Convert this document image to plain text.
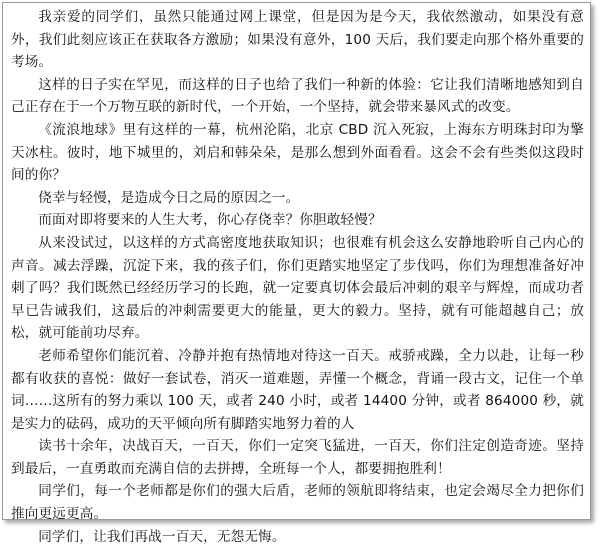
我亲爱的同学们，虽然只能通过网上课堂，但是因为是今天，我依然激动，如果没有意外，我们此刻应该正在获取各方激励；如果没有意外，100 天后，我们要走向那个格外重要的考场。

这样的日子实在罕见，而这样的日子也给了我们一种新的体验：它让我们清晰地感知到自己正存在于一个万物互联的新时代，一个开始，一个坚持，就会带来暴风式的改变。

《流浪地球》里有这样的一幕，杭州沦陷，北京 CBD 沉入死寂，上海东方明珠封印为擎天冰柱。彼时，地下城里的，刘启和韩朵朵，是那么想到外面看看。这会不会有些类似这段时间的你？

侥幸与轻慢，是造成今日之局的原因之一。

而面对即将要来的人生大考，你心存侥幸？你胆敢轻慢？

从来没试过，以这样的方式高密度地获取知识；也很难有机会这么安静地聆听自己内心的声音。减去浮躁，沉淀下来，我的孩子们，你们更踏实地坚定了步伐吗，你们为理想准备好冲刺了吗？我们既然已经经历学习的长跑，就一定要真切体会最后冲刺的艰辛与辉煌，而成功者早已告诫我们，这最后的冲刺需要更大的能量，更大的毅力。坚持，就有可能超越自己；放松，就可能前功尽弃。

老师希望你们能沉着、冷静并抱有热情地对待这一百天。戒骄戒躁，全力以赴，让每一秒都有收获的喜悦：做好一套试卷，消灭一道难题，弄懂一个概念，背诵一段古文，记住一个单词……这所有的努力乘以 100 天，或者 240 小时，或者 14400 分钟，或者 864000 秒，就是实力的砝码，成功的天平倾向所有脚踏实地努力着的人

读书十余年，决战百天，一百天，你们一定突飞猛进，一百天，你们注定创造奇迹。坚持到最后，一直勇敢而充满自信的去拼搏，全班每一个人，都要拥抱胜利！

同学们，每一个老师都是你们的强大后盾，老师的领航即将结束，也定会竭尽全力把你们推向更远更高。

同学们，让我们再战一百天，无怨无悔。
